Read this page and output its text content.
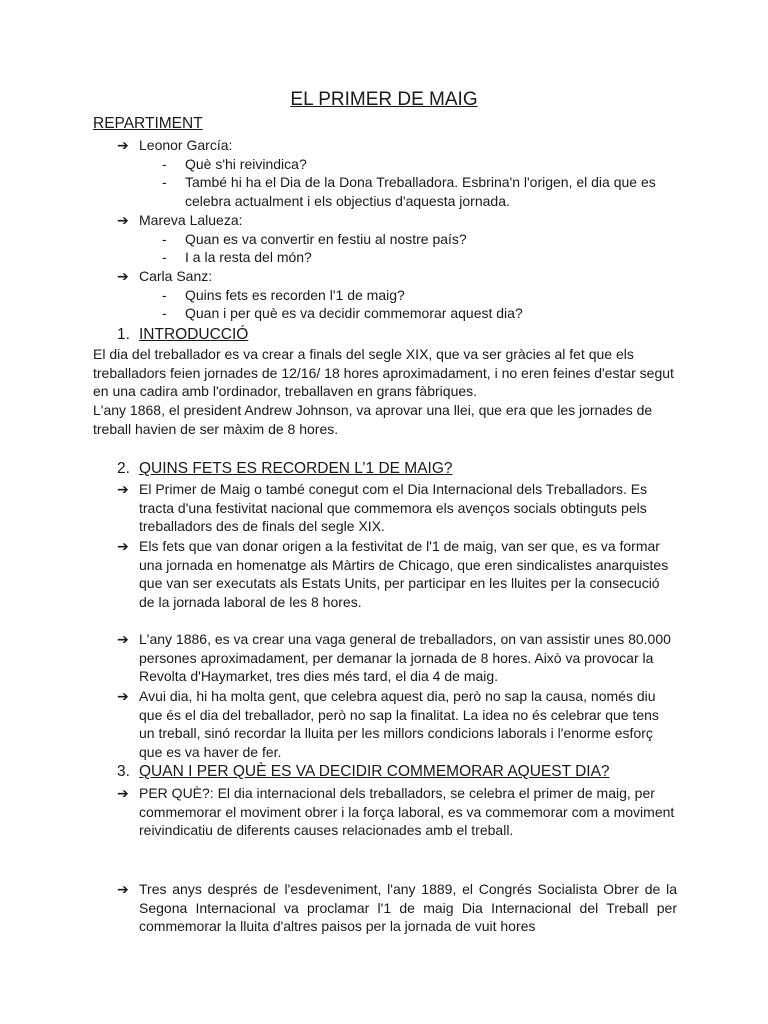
EL PRIMER DE MAIG
REPARTIMENT
➔ Leonor García:
- Què s'hi reivindica?
- També hi ha el Dia de la Dona Treballadora. Esbrina'n l'origen, el dia que es celebra actualment i els objectius d'aquesta jornada.
➔ Mareva Lalueza:
- Quan es va convertir en festiu al nostre país?
- I a la resta del món?
➔ Carla Sanz:
- Quins fets es recorden l'1 de maig?
- Quan i per què es va decidir commemorar aquest dia?
1. INTRODUCCIÓ
El dia del treballador es va crear a finals del segle XIX, que va ser gràcies al fet que els treballadors feien jornades de 12/16/ 18 hores aproximadament, i no eren feines d'estar segut en una cadira amb l'ordinador, treballaven en grans fàbriques.
L'any 1868, el president Andrew Johnson, va aprovar una llei, que era que les jornades de treball havien de ser màxim de 8 hores.
2. QUINS FETS ES RECORDEN L’1 DE MAIG?
➔ El Primer de Maig o també conegut com el Dia Internacional dels Treballadors. Es tracta d'una festivitat nacional que commemora els avenços socials obtinguts pels treballadors des de finals del segle XIX.
➔ Els fets que van donar origen a la festivitat de l'1 de maig, van ser que, es va formar una jornada en homenatge als Màrtirs de Chicago, que eren sindicalistes anarquistes que van ser executats als Estats Units, per participar en les lluites per la consecució de la jornada laboral de les 8 hores.
➔ L'any 1886, es va crear una vaga general de treballadors, on van assistir unes 80.000 persones aproximadament, per demanar la jornada de 8 hores. Això va provocar la Revolta d'Haymarket, tres dies més tard, el dia 4 de maig.
➔ Avui dia, hi ha molta gent, que celebra aquest dia, però no sap la causa, només diu que és el dia del treballador, però no sap la finalitat. La idea no és celebrar que tens un treball, sinó recordar la lluita per les millors condicions laborals i l'enorme esforç que es va haver de fer.
3. QUAN I PER QUÈ ES VA DECIDIR COMMEMORAR AQUEST DIA?
➔ PER QUÈ?: El dia internacional dels treballadors, se celebra el primer de maig, per commemorar el moviment obrer i la força laboral, es va commemorar com a moviment reivindicatiu de diferents causes relacionades amb el treball.
➔ Tres anys després de l'esdeveniment, l'any 1889, el Congrés Socialista Obrer de la Segona Internacional va proclamar l'1 de maig Dia Internacional del Treball per commemorar la lluita d'altres paisos per la jornada de vuit hores
